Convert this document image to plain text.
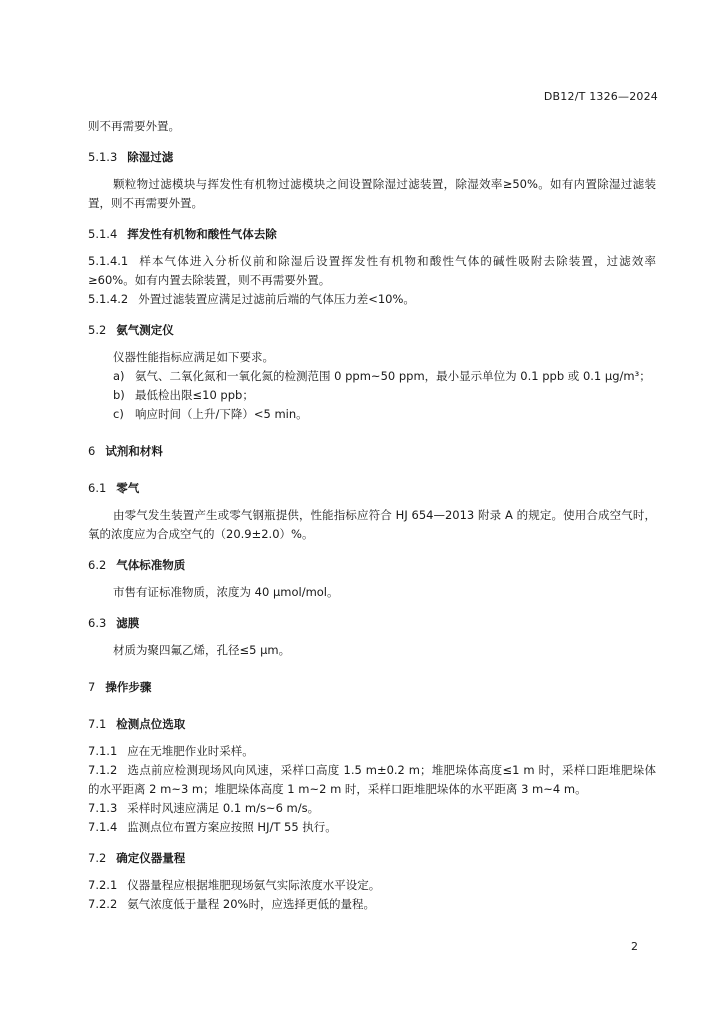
DB12/T 1326—2024

则不再需要外置。

5.1.3 除湿过滤

颗粒物过滤模块与挥发性有机物过滤模块之间设置除湿过滤装置，除湿效率≥50%。如有内置除湿过滤装置，则不再需要外置。

5.1.4 挥发性有机物和酸性气体去除

5.1.4.1 样本气体进入分析仪前和除湿后设置挥发性有机物和酸性气体的碱性吸附去除装置，过滤效率≥60%。如有内置去除装置，则不再需要外置。

5.1.4.2 外置过滤装置应满足过滤前后端的气体压力差<10%。

5.2 氨气测定仪

仪器性能指标应满足如下要求。

a) 氨气、二氧化氮和一氧化氮的检测范围 0 ppm~50 ppm，最小显示单位为 0.1 ppb 或 0.1 μg/m³；
b) 最低检出限≤10 ppb；
c) 响应时间（上升/下降）<5 min。

6 试剂和材料

6.1 零气

由零气发生装置产生或零气钢瓶提供，性能指标应符合 HJ 654—2013 附录 A 的规定。使用合成空气时，氧的浓度应为合成空气的（20.9±2.0）%。

6.2 气体标准物质

市售有证标准物质，浓度为 40 μmol/mol。

6.3 滤膜

材质为聚四氟乙烯，孔径≤5 μm。

7 操作步骤

7.1 检测点位选取

7.1.1 应在无堆肥作业时采样。

7.1.2 选点前应检测现场风向风速，采样口高度 1.5 m±0.2 m；堆肥垛体高度≤1 m 时，采样口距堆肥垛体的水平距离 2 m~3 m；堆肥垛体高度 1 m~2 m 时，采样口距堆肥垛体的水平距离 3 m~4 m。

7.1.3 采样时风速应满足 0.1 m/s~6 m/s。

7.1.4 监测点位布置方案应按照 HJ/T 55 执行。

7.2 确定仪器量程

7.2.1 仪器量程应根据堆肥现场氨气实际浓度水平设定。

7.2.2 氨气浓度低于量程 20%时，应选择更低的量程。

2
